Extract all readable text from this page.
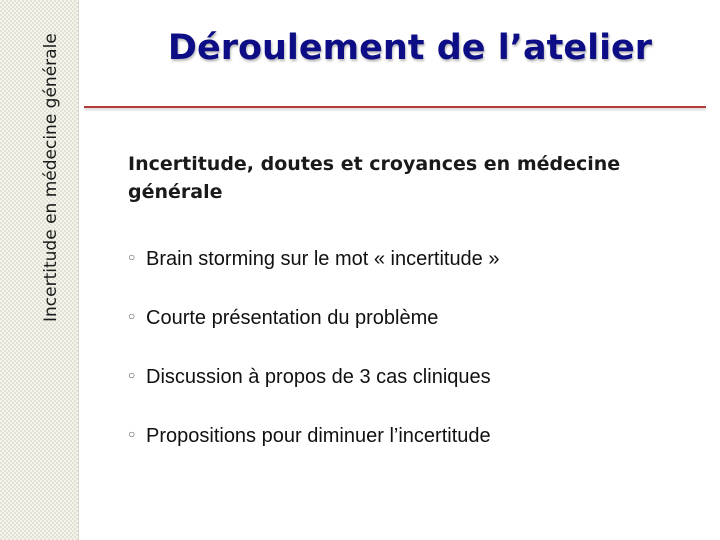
Incertitude en médecine générale	Déroulement de l’atelier
Incertitude, doutes et croyances en médecine générale
○ Brain storming sur le mot « incertitude »
○ Courte présentation du problème
○ Discussion à propos de 3 cas cliniques
○ Propositions pour diminuer l’incertitude
